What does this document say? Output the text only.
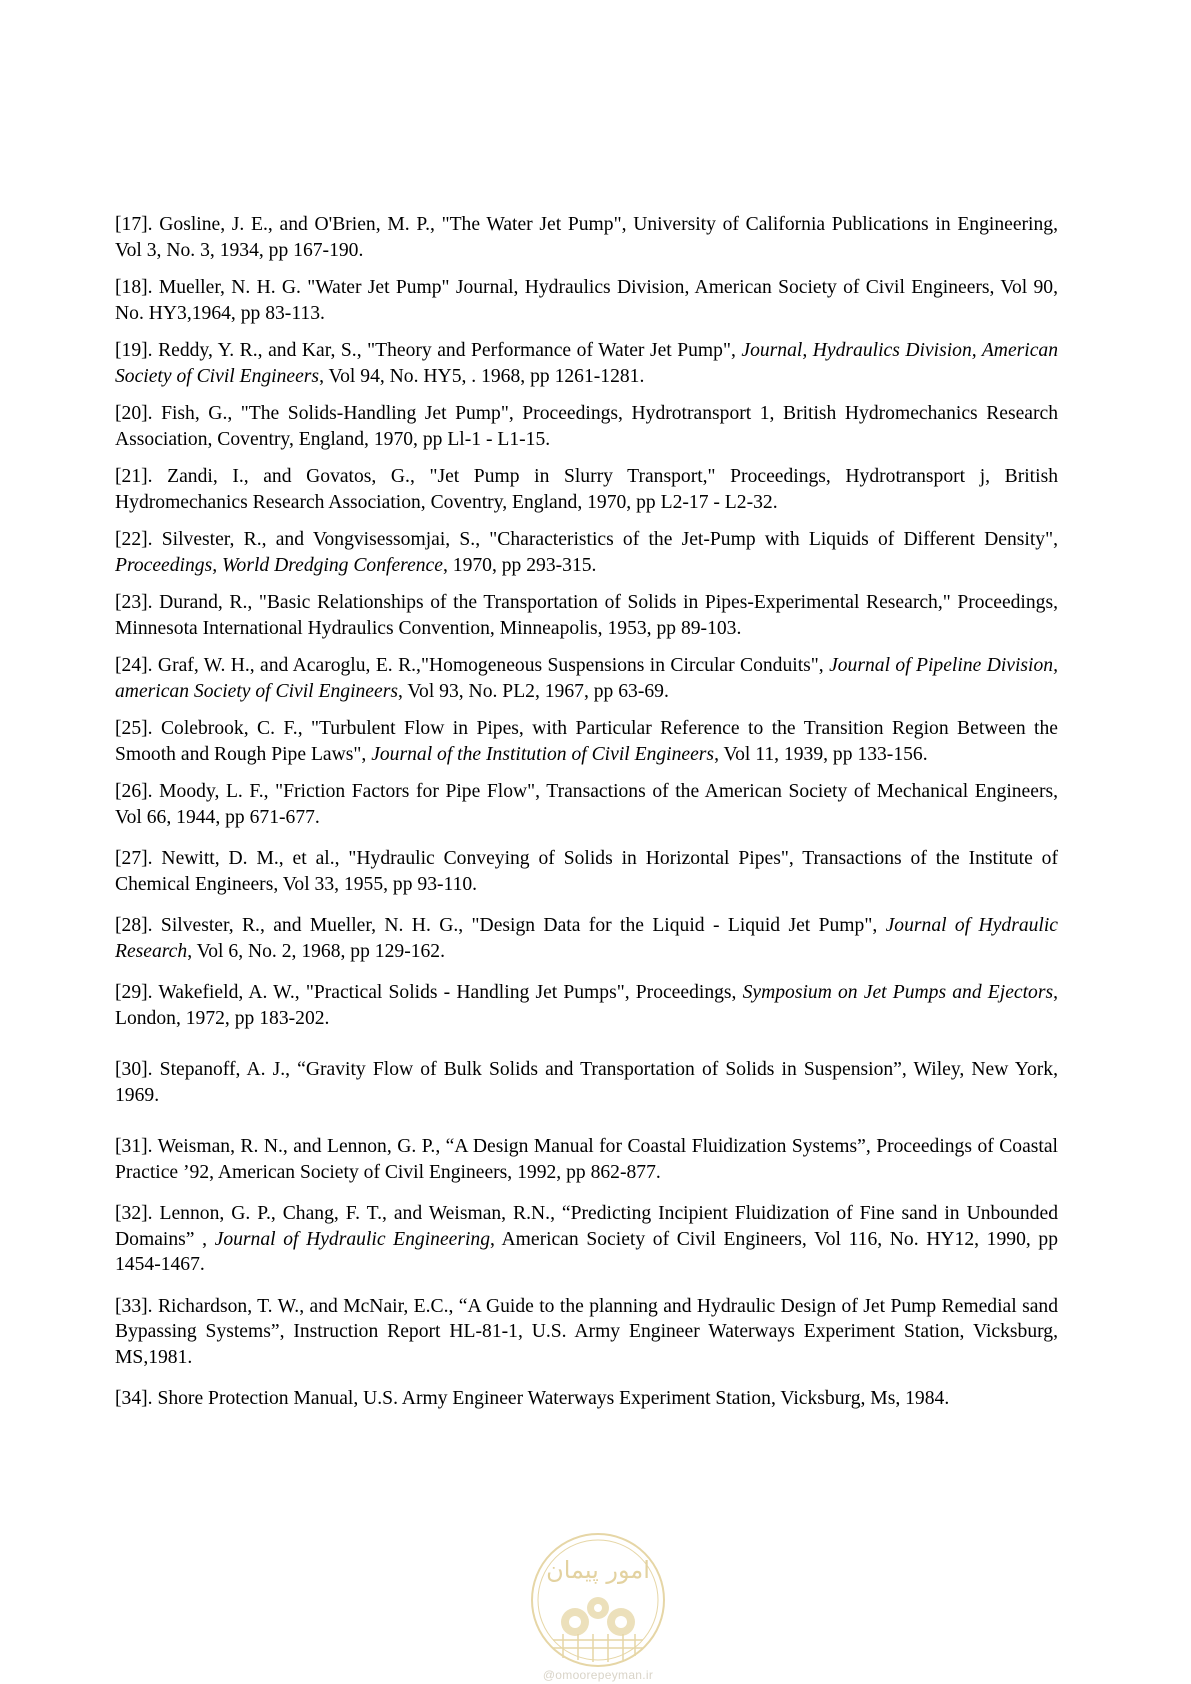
[17]. Gosline, J. E., and O'Brien, M. P., "The Water Jet Pump", University of California Publications in Engineering, Vol 3, No. 3, 1934, pp 167-190.

[18]. Mueller, N. H. G. "Water Jet Pump" Journal, Hydraulics Division, American Society of Civil Engineers, Vol 90, No. HY3,1964, pp 83-113.

[19]. Reddy, Y. R., and Kar, S., "Theory and Performance of Water Jet Pump", Journal, Hydraulics Division, American Society of Civil Engineers, Vol 94, No. HY5, . 1968, pp 1261-1281.

[20]. Fish, G., "The Solids-Handling Jet Pump", Proceedings, Hydrotransport 1, British Hydromechanics Research Association, Coventry, England, 1970, pp Ll-1 - L1-15.

[21]. Zandi, I., and Govatos, G., "Jet Pump in Slurry Transport," Proceedings, Hydrotransport j, British Hydromechanics Research Association, Coventry, England, 1970, pp L2-17 - L2-32.

[22]. Silvester, R., and Vongvisessomjai, S., "Characteristics of the Jet-Pump with Liquids of Different Density", Proceedings, World Dredging Conference, 1970, pp 293-315.

[23]. Durand, R., "Basic Relationships of the Transportation of Solids in Pipes-Experimental Research," Proceedings, Minnesota International Hydraulics Convention, Minneapolis, 1953, pp 89-103.

[24]. Graf, W. H., and Acaroglu, E. R.,"Homogeneous Suspensions in Circular Conduits", Journal of Pipeline Division, american Society of Civil Engineers, Vol 93, No. PL2, 1967, pp 63-69.

[25]. Colebrook, C. F., "Turbulent Flow in Pipes, with Particular Reference to the Transition Region Between the Smooth and Rough Pipe Laws", Journal of the Institution of Civil Engineers, Vol 11, 1939, pp 133-156.

[26]. Moody, L. F., "Friction Factors for Pipe Flow", Transactions of the American Society of Mechanical Engineers, Vol 66, 1944, pp 671-677.

[27]. Newitt, D. M., et al., "Hydraulic Conveying of Solids in Horizontal Pipes", Transactions of the Institute of Chemical Engineers, Vol 33, 1955, pp 93-110.

[28]. Silvester, R., and Mueller, N. H. G., "Design Data for the Liquid - Liquid Jet Pump", Journal of Hydraulic Research, Vol 6, No. 2, 1968, pp 129-162.

[29]. Wakefield, A. W., "Practical Solids - Handling Jet Pumps", Proceedings, Symposium on Jet Pumps and Ejectors, London, 1972, pp 183-202.

[30]. Stepanoff, A. J., “Gravity Flow of Bulk Solids and Transportation of Solids in Suspension”, Wiley, New York, 1969.

[31]. Weisman, R. N., and Lennon, G. P., “A Design Manual for Coastal Fluidization Systems”, Proceedings of Coastal Practice ’92, American Society of Civil Engineers, 1992, pp 862-877.

[32]. Lennon, G. P., Chang, F. T., and Weisman, R.N., “Predicting Incipient Fluidization of Fine sand in Unbounded Domains” , Journal of Hydraulic Engineering, American Society of Civil Engineers, Vol 116, No. HY12, 1990, pp 1454-1467.

[33]. Richardson, T. W., and McNair, E.C., “A Guide to the planning and Hydraulic Design of Jet Pump Remedial sand Bypassing Systems”, Instruction Report HL-81-1, U.S. Army Engineer Waterways Experiment Station, Vicksburg, MS,1981.

[34]. Shore Protection Manual, U.S. Army Engineer Waterways Experiment Station, Vicksburg, Ms, 1984.

امور پیمان
@omoorepeyman.ir
